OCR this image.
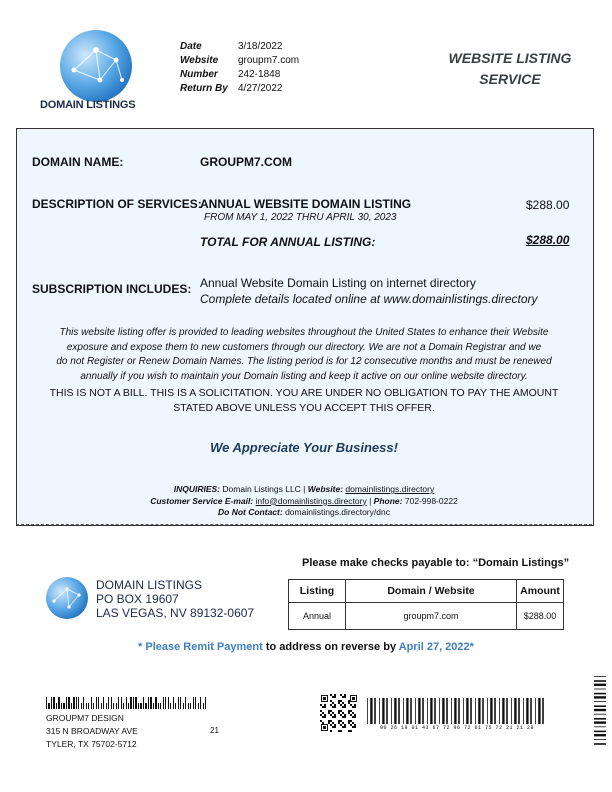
DOMAIN LISTINGS
Date	3/18/2022
Website groupm7.com
Number 242-1848
Return By 4/27/2022
WEBSITE LISTING
SERVICE
DOMAIN NAME:	GROUPM7.COM
DESCRIPTION OF SERVICES:
ANNUAL WEBSITE DOMAIN LISTING
FROM MAY 1, 2022 THRU APRIL 30, 2023
$288.00
TOTAL FOR ANNUAL LISTING:	$288.00
SUBSCRIPTION INCLUDES: Annual Website Domain Listing on internet directory
Complete details located online at www.domainlistings.directory
This website listing offer is provided to leading websites throughout the United States to enhance their Website
exposure and expose them to new customers through our directory. We are not a Domain Registrar and we
do not Register or Renew Domain Names. The listing period is for 12 consecutive months and must be renewed
annually if you wish to maintain your Domain listing and keep it active on our online website directory.
THIS IS NOT A BILL. THIS IS A SOLICITATION. YOU ARE UNDER NO OBLIGATION TO PAY THE AMOUNT
STATED ABOVE UNLESS YOU ACCEPT THIS OFFER.
We Appreciate Your Business!
INQUIRIES: Domain Listings LLC | Website: domainlistings.directory
Customer Service E-mail: info@domainlistings.directory | Phone: 702-998-0222
Do Not Contact: domainlistings.directory/dnc
Please make checks payable to: “Domain Listings”
DOMAIN LISTINGS
PO BOX 19607
LAS VEGAS, NV 89132-0607
Listing	Domain / Website	Amount
Annual	groupm7.com	$288.00
* Please Remit Payment to address on reverse by April 27, 2022*
GROUPM7 DESIGN
315 N BROADWAY AVE
TYLER, TX 75702-5712
21	00 26 19 01 43 67 72 96 72 01 75 72 21 21 28
